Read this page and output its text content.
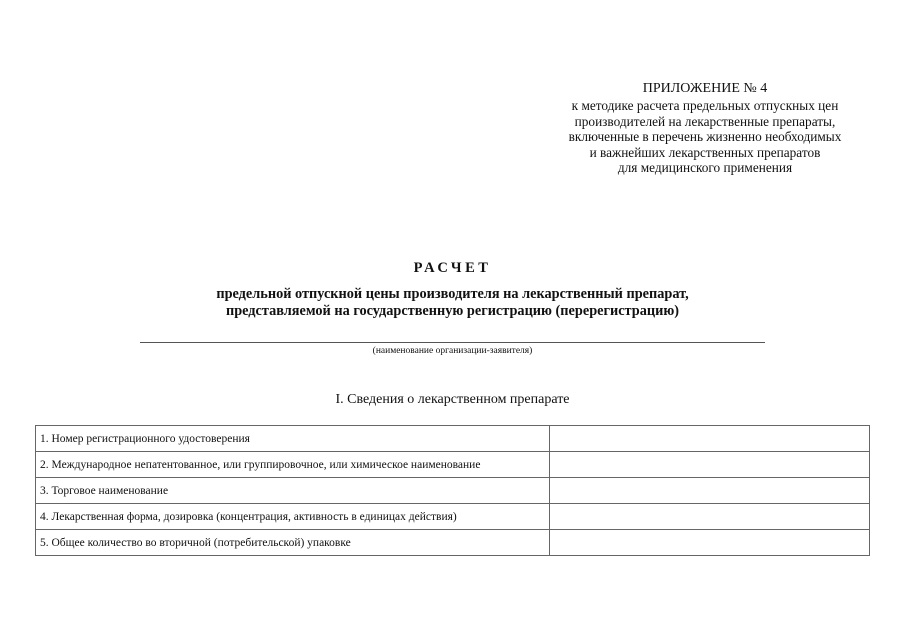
ПРИЛОЖЕНИЕ № 4
к методике расчета предельных отпускных цен
производителей на лекарственные препараты,
включенные в перечень жизненно необходимых
и важнейших лекарственных препаратов
для медицинского применения
РАСЧЕТ
предельной отпускной цены производителя на лекарственный препарат,
представляемой на государственную регистрацию (перерегистрацию)
(наименование организации-заявителя)
I. Сведения о лекарственном препарате
1. Номер регистрационного удостоверения	
2. Международное непатентованное, или группировочное, или химическое наименование	
3. Торговое наименование	
4. Лекарственная форма, дозировка (концентрация, активность в единицах действия)	
5. Общее количество во вторичной (потребительской) упаковке	
